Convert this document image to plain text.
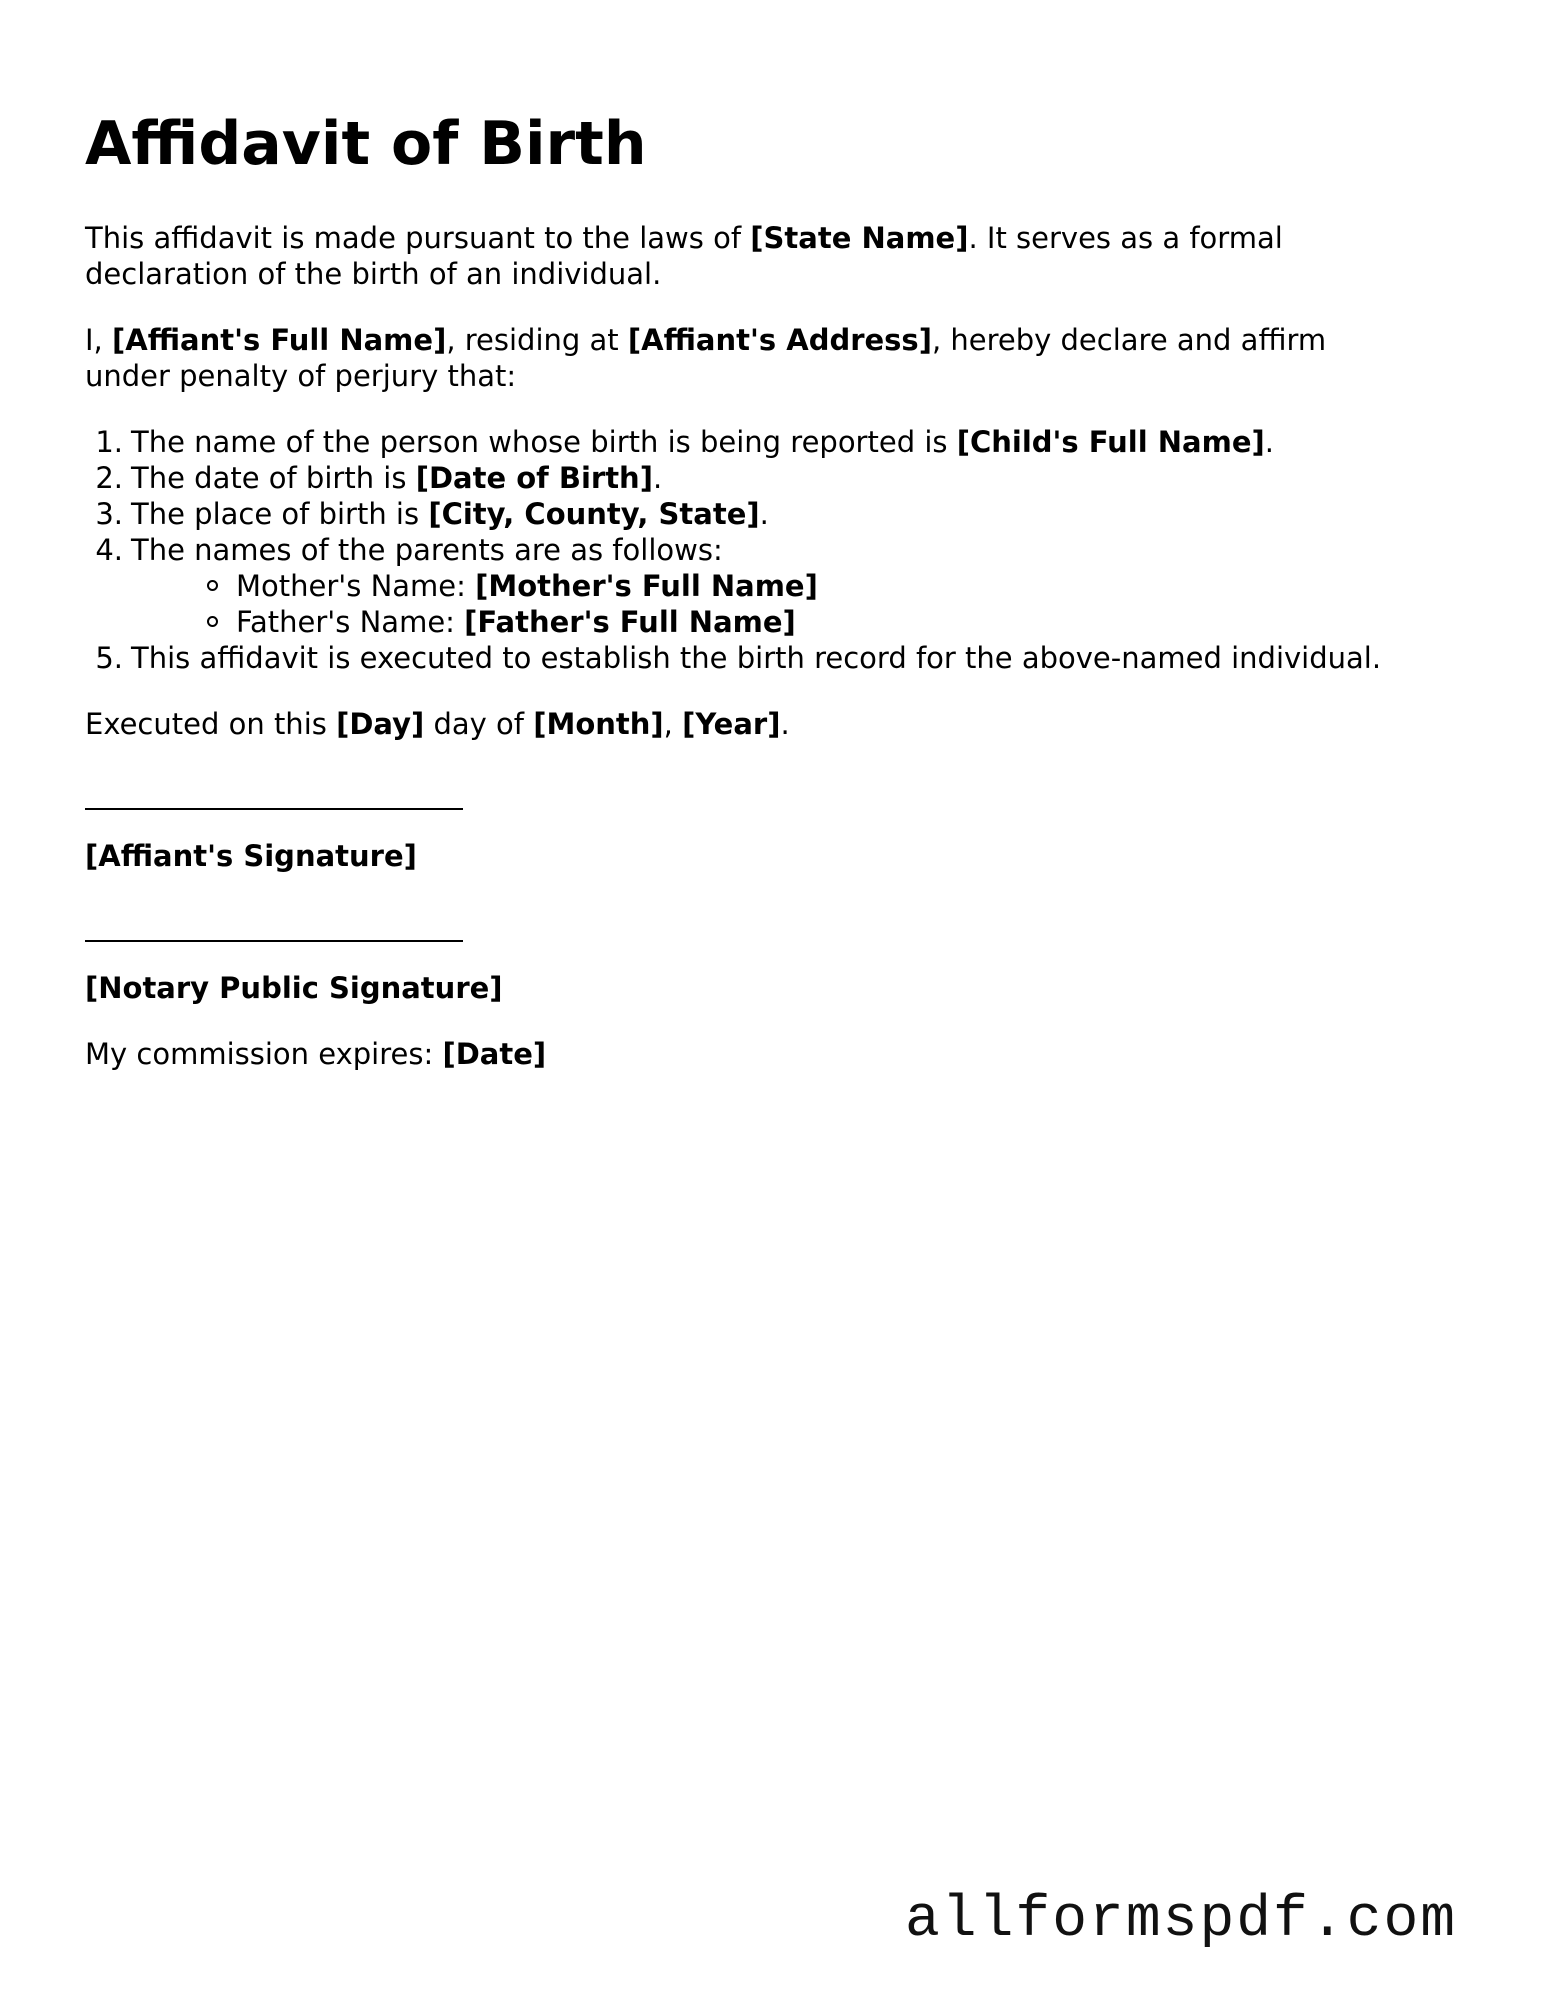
Affidavit of Birth

This affidavit is made pursuant to the laws of [State Name]. It serves as a formal declaration of the birth of an individual.

I, [Affiant's Full Name], residing at [Affiant's Address], hereby declare and affirm under penalty of perjury that:

1. The name of the person whose birth is being reported is [Child's Full Name].
2. The date of birth is [Date of Birth].
3. The place of birth is [City, County, State].
4. The names of the parents are as follows:
Mother's Name: [Mother's Full Name]
Father's Name: [Father's Full Name]
5. This affidavit is executed to establish the birth record for the above-named individual.

Executed on this [Day] day of [Month], [Year].

[Affiant's Signature]

[Notary Public Signature]

My commission expires: [Date]

allformspdf.com
